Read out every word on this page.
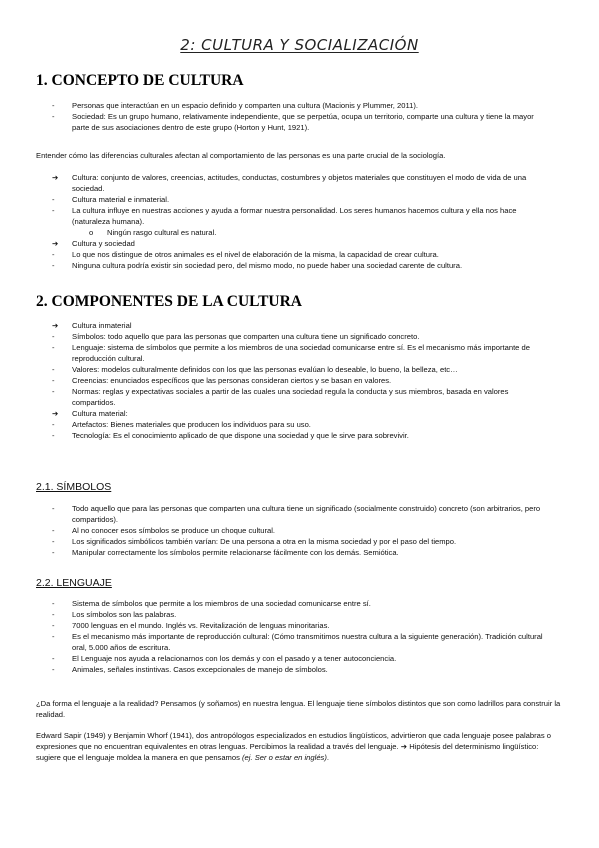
2: CULTURA Y SOCIALIZACIÓN
1. CONCEPTO DE CULTURA
-	Personas que interactúan en un espacio definido y comparten una cultura (Macionis y Plummer, 2011).
-	Sociedad: Es un grupo humano, relativamente independiente, que se perpetúa, ocupa un territorio, comparte una cultura y tiene la mayor parte de sus asociaciones dentro de este grupo (Horton y Hunt, 1921).

Entender cómo las diferencias culturales afectan al comportamiento de las personas es una parte crucial de la sociología.

➔	Cultura: conjunto de valores, creencias, actitudes, conductas, costumbres y objetos materiales que constituyen el modo de vida de una sociedad.
-	Cultura material e inmaterial.
-	La cultura influye en nuestras acciones y ayuda a formar nuestra personalidad. Los seres humanos hacemos cultura y ella nos hace (naturaleza humana).
o	Ningún rasgo cultural es natural.
➔	Cultura y sociedad
-	Lo que nos distingue de otros animales es el nivel de elaboración de la misma, la capacidad de crear cultura.
-	Ninguna cultura podría existir sin sociedad pero, del mismo modo, no puede haber una sociedad carente de cultura.
2. COMPONENTES DE LA CULTURA
➔	Cultura inmaterial
-	Símbolos: todo aquello que para las personas que comparten una cultura tiene un significado concreto.
-	Lenguaje: sistema de símbolos que permite a los miembros de una sociedad comunicarse entre sí. Es el mecanismo más importante de reproducción cultural.
-	Valores: modelos culturalmente definidos con los que las personas evalúan lo deseable, lo bueno, la belleza, etc…
-	Creencias: enunciados específicos que las personas consideran ciertos y se basan en valores.
-	Normas: reglas y expectativas sociales a partir de las cuales una sociedad regula la conducta y sus miembros, basada en valores compartidos.
➔	Cultura material:
-	Artefactos: Bienes materiales que producen los individuos para su uso.
-	Tecnología: Es el conocimiento aplicado de que dispone una sociedad y que le sirve para sobrevivir.
2.1. SÍMBOLOS
-	Todo aquello que para las personas que comparten una cultura tiene un significado (socialmente construido) concreto (son arbitrarios, pero compartidos).
-	Al no conocer esos símbolos se produce un choque cultural.
-	Los significados simbólicos también varían: De una persona a otra en la misma sociedad y por el paso del tiempo.
-	Manipular correctamente los símbolos permite relacionarse fácilmente con los demás. Semiótica.
2.2. LENGUAJE
-	Sistema de símbolos que permite a los miembros de una sociedad comunicarse entre sí.
-	Los símbolos son las palabras.
-	7000 lenguas en el mundo. Inglés vs. Revitalización de lenguas minoritarias.
-	Es el mecanismo más importante de reproducción cultural: (Cómo transmitimos nuestra cultura a la siguiente generación). Tradición cultural oral, 5.000 años de escritura.
-	El Lenguaje nos ayuda a relacionarnos con los demás y con el pasado y a tener autoconciencia.
-	Animales, señales instintivas. Casos excepcionales de manejo de símbolos.

¿Da forma el lenguaje a la realidad? Pensamos (y soñamos) en nuestra lengua. El lenguaje tiene símbolos distintos que son como ladrillos para construir la realidad.

Edward Sapir (1949) y Benjamin Whorf (1941), dos antropólogos especializados en estudios lingüísticos, advirtieron que cada lenguaje posee palabras o expresiones que no encuentran equivalentes en otras lenguas. Percibimos la realidad a través del lenguaje. ➔ Hipótesis del determinismo lingüístico: sugiere que el lenguaje moldea la manera en que pensamos (ej. Ser o estar en inglés).
